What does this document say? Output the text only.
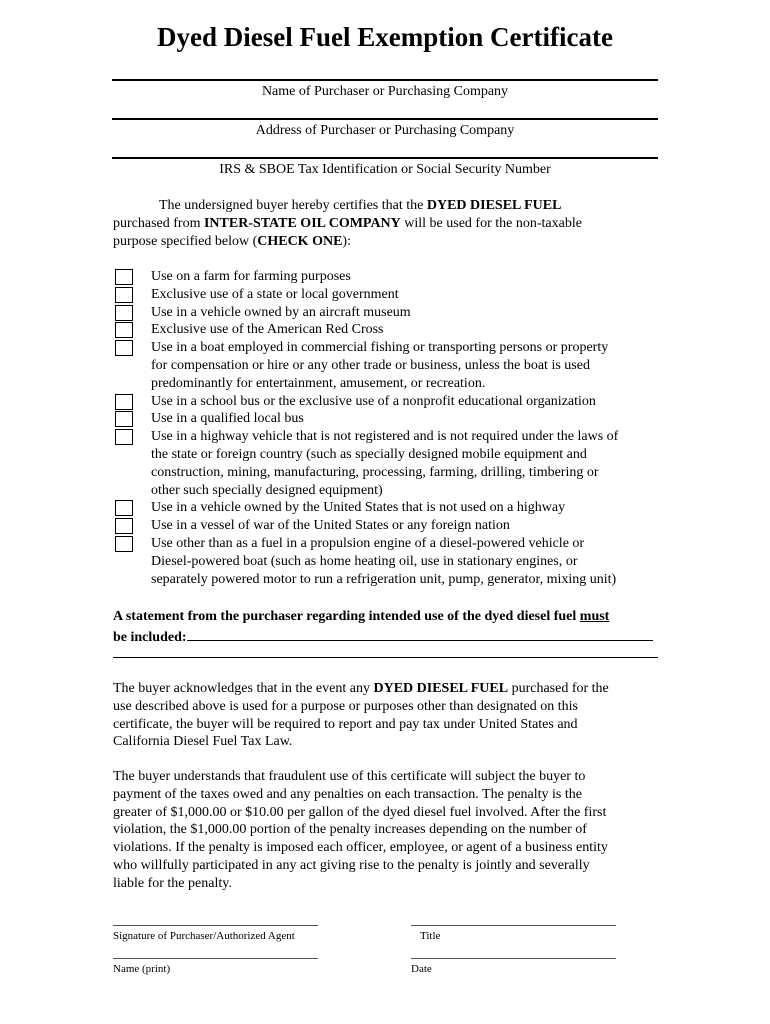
Dyed Diesel Fuel Exemption Certificate
Name of Purchaser or Purchasing Company
Address of Purchaser or Purchasing Company
IRS & SBOE Tax Identification or Social Security Number
The undersigned buyer hereby certifies that the DYED DIESEL FUEL
purchased from INTER-STATE OIL COMPANY will be used for the non-taxable
purpose specified below (CHECK ONE):
Use on a farm for farming purposes
Exclusive use of a state or local government
Use in a vehicle owned by an aircraft museum
Exclusive use of the American Red Cross
Use in a boat employed in commercial fishing or transporting persons or property
for compensation or hire or any other trade or business, unless the boat is used
predominantly for entertainment, amusement, or recreation.
Use in a school bus or the exclusive use of a nonprofit educational organization
Use in a qualified local bus
Use in a highway vehicle that is not registered and is not required under the laws of
the state or foreign country (such as specially designed mobile equipment and
construction, mining, manufacturing, processing, farming, drilling, timbering or
other such specially designed equipment)
Use in a vehicle owned by the United States that is not used on a highway
Use in a vessel of war of the United States or any foreign nation
Use other than as a fuel in a propulsion engine of a diesel-powered vehicle or
Diesel-powered boat (such as home heating oil, use in stationary engines, or
separately powered motor to run a refrigeration unit, pump, generator, mixing unit)
A statement from the purchaser regarding intended use of the dyed diesel fuel must
be included:
The buyer acknowledges that in the event any DYED DIESEL FUEL purchased for the
use described above is used for a purpose or purposes other than designated on this
certificate, the buyer will be required to report and pay tax under United States and
California Diesel Fuel Tax Law.
The buyer understands that fraudulent use of this certificate will subject the buyer to
payment of the taxes owed and any penalties on each transaction. The penalty is the
greater of $1,000.00 or $10.00 per gallon of the dyed diesel fuel involved. After the first
violation, the $1,000.00 portion of the penalty increases depending on the number of
violations. If the penalty is imposed each officer, employee, or agent of a business entity
who willfully participated in any act giving rise to the penalty is jointly and severally
liable for the penalty.
Signature of Purchaser/Authorized Agent	Title
Name (print)	Date
